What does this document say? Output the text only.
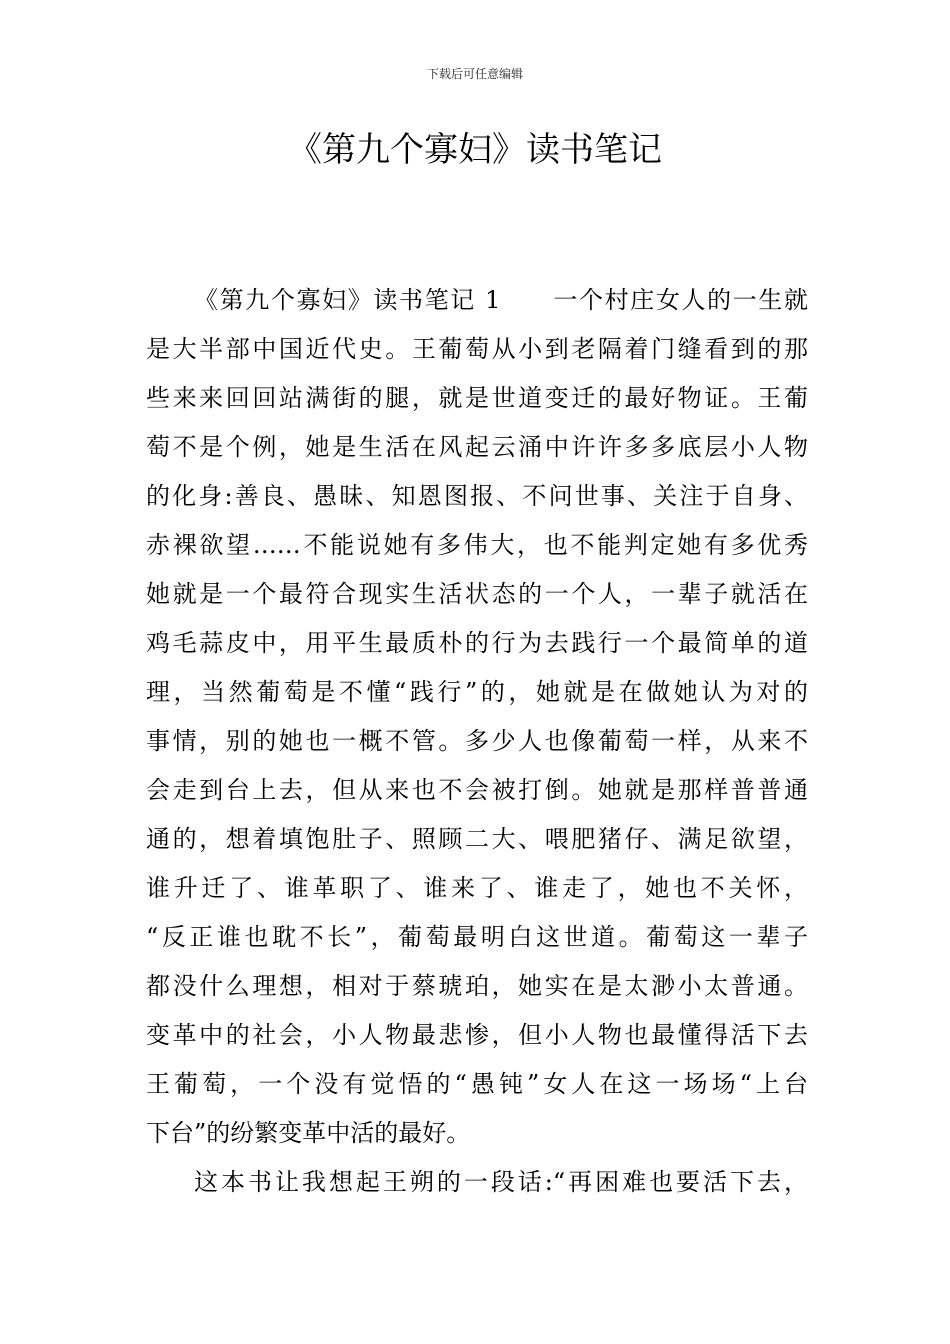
下载后可任意编辑
《第九个寡妇》读书笔记
《第九个寡妇》读书笔记 1　　一个村庄女人的一生就
是大半部中国近代史。王葡萄从小到老隔着门缝看到的那
些来来回回站满街的腿，就是世道变迁的最好物证。王葡
萄不是个例，她是生活在风起云涌中许许多多底层小人物
的化身:善良、愚昧、知恩图报、不问世事、关注于自身、
赤裸欲望……不能说她有多伟大，也不能判定她有多优秀
她就是一个最符合现实生活状态的一个人，一辈子就活在
鸡毛蒜皮中，用平生最质朴的行为去践行一个最简单的道
理，当然葡萄是不懂“践行”的，她就是在做她认为对的
事情，别的她也一概不管。多少人也像葡萄一样，从来不
会走到台上去，但从来也不会被打倒。她就是那样普普通
通的，想着填饱肚子、照顾二大、喂肥猪仔、满足欲望，
谁升迁了、谁革职了、谁来了、谁走了，她也不关怀，
“反正谁也耽不长”，葡萄最明白这世道。葡萄这一辈子
都没什么理想，相对于蔡琥珀，她实在是太渺小太普通。
变革中的社会，小人物最悲惨，但小人物也最懂得活下去
王葡萄，一个没有觉悟的“愚钝”女人在这一场场“上台
下台”的纷繁变革中活的最好。
这本书让我想起王朔的一段话:“再困难也要活下去，
